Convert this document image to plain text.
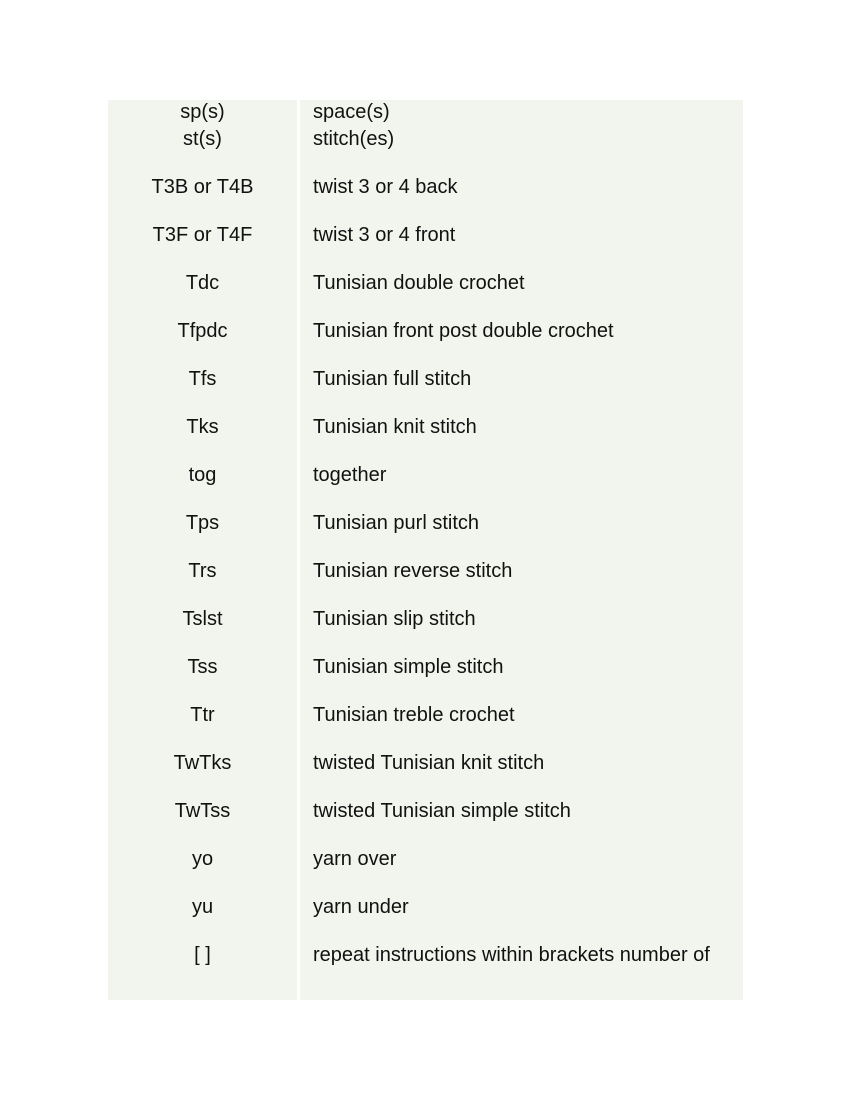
sp(s)
st(s)
T3B or T4B
T3F or T4F
Tdc
Tfpdc
Tfs
Tks
tog
Tps
Trs
Tslst
Tss
Ttr
TwTks
TwTss
yo
yu
[ ]
space(s)
stitch(es)
twist 3 or 4 back
twist 3 or 4 front
Tunisian double crochet
Tunisian front post double crochet
Tunisian full stitch
Tunisian knit stitch
together
Tunisian purl stitch
Tunisian reverse stitch
Tunisian slip stitch
Tunisian simple stitch
Tunisian treble crochet
twisted Tunisian knit stitch
twisted Tunisian simple stitch
yarn over
yarn under
repeat instructions within brackets number of
